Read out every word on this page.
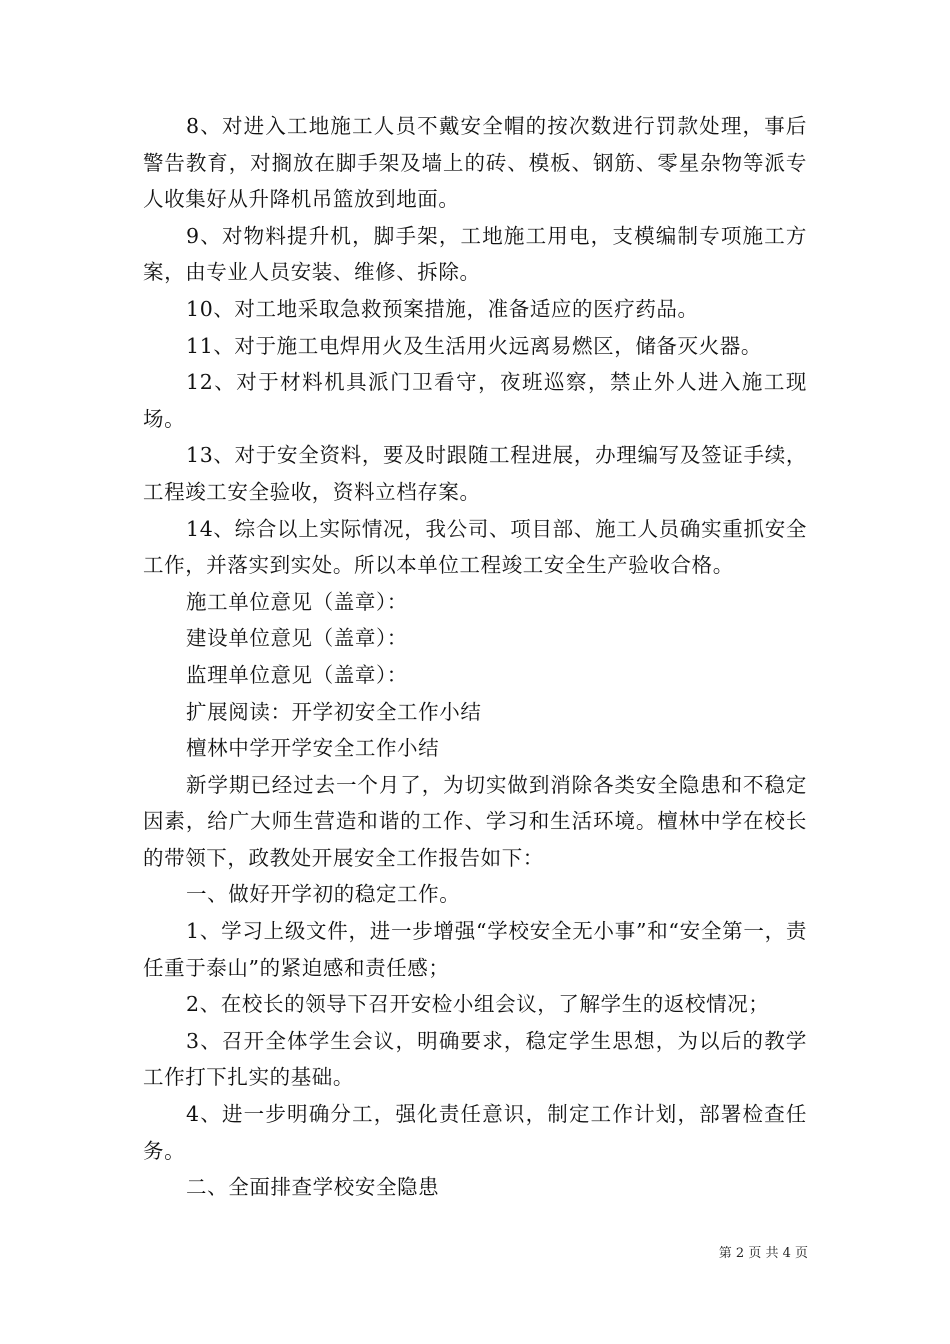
8、对进入工地施工人员不戴安全帽的按次数进行罚款处理，事后警告教育，对搁放在脚手架及墙上的砖、模板、钢筋、零星杂物等派专人收集好从升降机吊篮放到地面。

9、对物料提升机，脚手架，工地施工用电，支模编制专项施工方案，由专业人员安装、维修、拆除。

10、对工地采取急救预案措施，准备适应的医疗药品。

11、对于施工电焊用火及生活用火远离易燃区，储备灭火器。

12、对于材料机具派门卫看守，夜班巡察，禁止外人进入施工现场。

13、对于安全资料，要及时跟随工程进展，办理编写及签证手续，工程竣工安全验收，资料立档存案。

14、综合以上实际情况，我公司、项目部、施工人员确实重抓安全工作，并落实到实处。所以本单位工程竣工安全生产验收合格。

施工单位意见（盖章）：

建设单位意见（盖章）：

监理单位意见（盖章）：

扩展阅读：开学初安全工作小结

檀林中学开学安全工作小结

新学期已经过去一个月了，为切实做到消除各类安全隐患和不稳定因素，给广大师生营造和谐的工作、学习和生活环境。檀林中学在校长的带领下，政教处开展安全工作报告如下：

一、做好开学初的稳定工作。

1、学习上级文件，进一步增强“学校安全无小事”和“安全第一，责任重于泰山”的紧迫感和责任感；

2、在校长的领导下召开安检小组会议，了解学生的返校情况；

3、召开全体学生会议，明确要求，稳定学生思想，为以后的教学工作打下扎实的基础。

4、进一步明确分工，强化责任意识，制定工作计划，部署检查任务。

二、全面排查学校安全隐患

第 2 页 共 4 页
